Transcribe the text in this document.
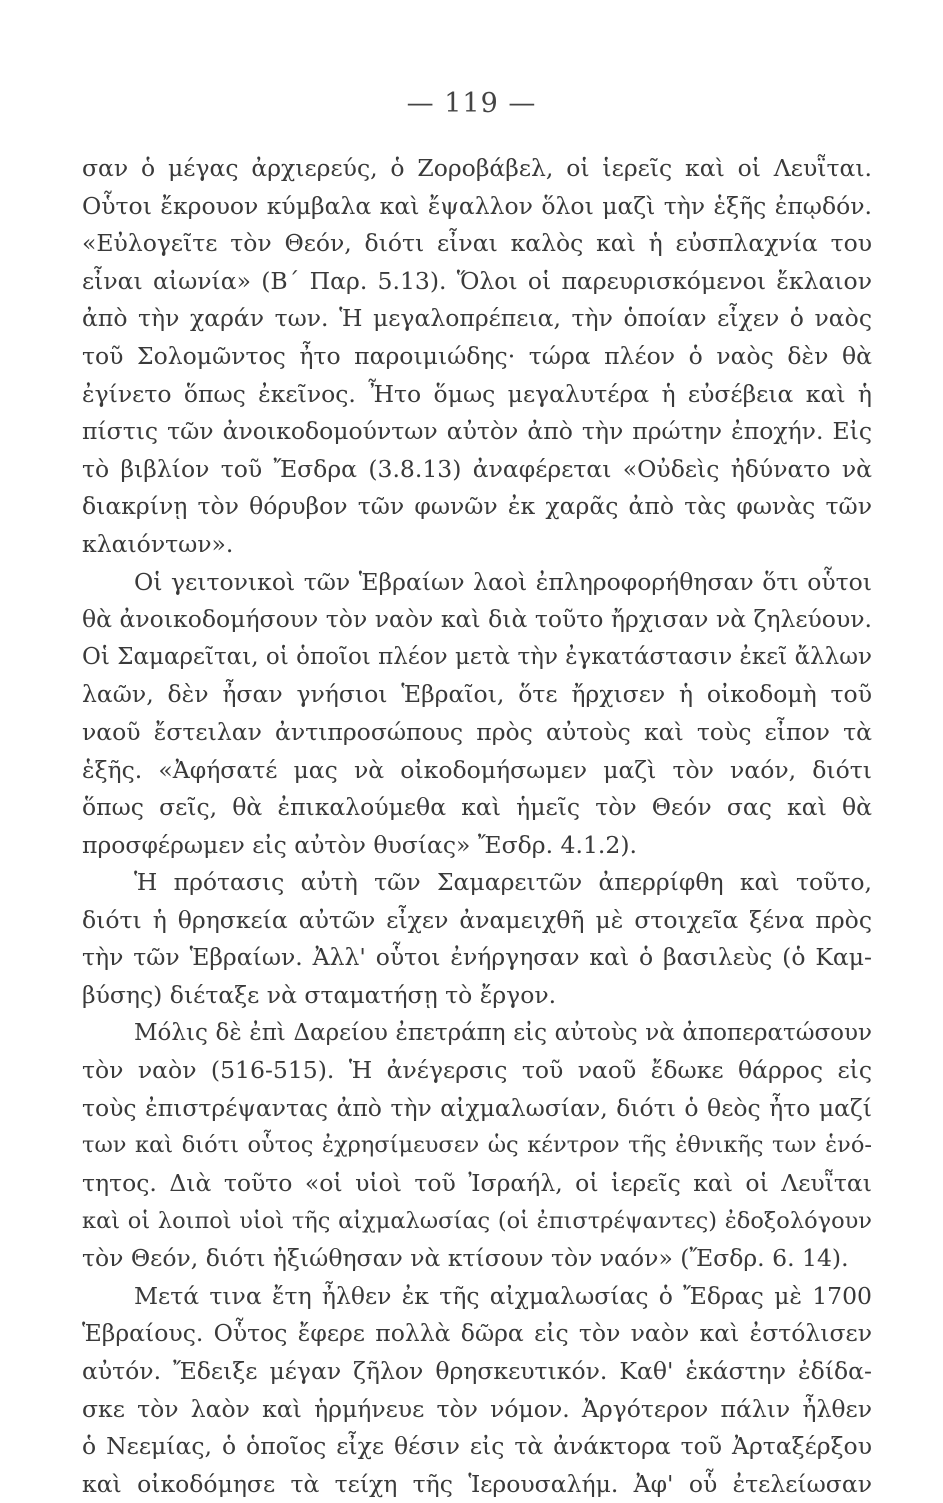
— 119 —
σαν ὁ μέγας ἀρχιερεύς, ὁ Ζοροβάβελ, οἱ ἱερεῖς καὶ οἱ Λευῗται.
Οὗτοι ἔκρουον κύμβαλα καὶ ἔψαλλον ὅλοι μαζὶ τὴν ἑξῆς ἐπῳδόν.
«Εὐλογεῖτε τὸν Θεόν, διότι εἶναι καλὸς καὶ ἡ εὐσπλαχνία του
εἶναι αἰωνία» (Β΄ Παρ. 5.13). Ὅλοι οἱ παρευρισκόμενοι ἔκλαιον
ἀπὸ τὴν χαράν των. Ἡ μεγαλοπρέπεια, τὴν ὁποίαν εἶχεν ὁ ναὸς
τοῦ Σολομῶντος ἦτο παροιμιώδης· τώρα πλέον ὁ ναὸς δὲν θὰ
ἐγίνετο ὅπως ἐκεῖνος. Ἦτο ὅμως μεγαλυτέρα ἡ εὐσέβεια καὶ ἡ
πίστις τῶν ἀνοικοδομούντων αὐτὸν ἀπὸ τὴν πρώτην ἐποχήν. Εἰς
τὸ βιβλίον τοῦ Ἔσδρα (3.8.13) ἀναφέρεται «Οὐδεὶς ἠδύνατο νὰ
διακρίνῃ τὸν θόρυβον τῶν φωνῶν ἐκ χαρᾶς ἀπὸ τὰς φωνὰς τῶν
κλαιόντων».
Οἱ γειτονικοὶ τῶν Ἑβραίων λαοὶ ἐπληροφορήθησαν ὅτι οὗτοι
θὰ ἀνοικοδομήσουν τὸν ναὸν καὶ διὰ τοῦτο ἤρχισαν νὰ ζηλεύουν.
Οἱ Σαμαρεῖται, οἱ ὁποῖοι πλέον μετὰ τὴν ἐγκατάστασιν ἐκεῖ ἄλλων
λαῶν, δὲν ἦσαν γνήσιοι Ἑβραῖοι, ὅτε ἤρχισεν ἡ οἰκοδομὴ τοῦ
ναοῦ ἔστειλαν ἀντιπροσώπους πρὸς αὐτοὺς καὶ τοὺς εἶπον τὰ
ἑξῆς. «Ἀφήσατέ μας νὰ οἰκοδομήσωμεν μαζὶ τὸν ναόν, διότι
ὅπως σεῖς, θὰ ἐπικαλούμεθα καὶ ἡμεῖς τὸν Θεόν σας καὶ θὰ
προσφέρωμεν εἰς αὐτὸν θυσίας» Ἔσδρ. 4.1.2).
Ἡ πρότασις αὐτὴ τῶν Σαμαρειτῶν ἀπερρίφθη καὶ τοῦτο,
διότι ἡ θρησκεία αὐτῶν εἶχεν ἀναμειχθῆ μὲ στοιχεῖα ξένα πρὸς
τὴν τῶν Ἑβραίων. Ἀλλ' οὗτοι ἐνήργησαν καὶ ὁ βασιλεὺς (ὁ Καμ-
βύσης) διέταξε νὰ σταματήσῃ τὸ ἔργον.
Μόλις δὲ ἐπὶ Δαρείου ἐπετράπη εἰς αὐτοὺς νὰ ἀποπερατώσουν
τὸν ναὸν (516-515). Ἡ ἀνέγερσις τοῦ ναοῦ ἔδωκε θάρρος εἰς
τοὺς ἐπιστρέψαντας ἀπὸ τὴν αἰχμαλωσίαν, διότι ὁ θεὸς ἦτο μαζί
των καὶ διότι οὗτος ἐχρησίμευσεν ὡς κέντρον τῆς ἐθνικῆς των ἑνό-
τητος. Διὰ τοῦτο «οἱ υἱοὶ τοῦ Ἰσραήλ, οἱ ἱερεῖς καὶ οἱ Λευῗται
καὶ οἱ λοιποὶ υἱοὶ τῆς αἰχμαλωσίας (οἱ ἐπιστρέψαντες) ἐδοξολόγουν
τὸν Θεόν, διότι ἠξιώθησαν νὰ κτίσουν τὸν ναόν» (Ἔσδρ. 6. 14).
Μετά τινα ἔτη ἦλθεν ἐκ τῆς αἰχμαλωσίας ὁ Ἔδρας μὲ 1700
Ἑβραίους. Οὗτος ἔφερε πολλὰ δῶρα εἰς τὸν ναὸν καὶ ἐστόλισεν
αὐτόν. Ἔδειξε μέγαν ζῆλον θρησκευτικόν. Καθ' ἑκάστην ἐδίδα-
σκε τὸν λαὸν καὶ ἡρμήνευε τὸν νόμον. Ἀργότερον πάλιν ἦλθεν
ὁ Νεεμίας, ὁ ὁποῖος εἶχε θέσιν εἰς τὰ ἀνάκτορα τοῦ Ἀρταξέρξου
καὶ οἰκοδόμησε τὰ τείχη τῆς Ἱερουσαλήμ. Ἀφ' οὗ ἐτελείωσαν
